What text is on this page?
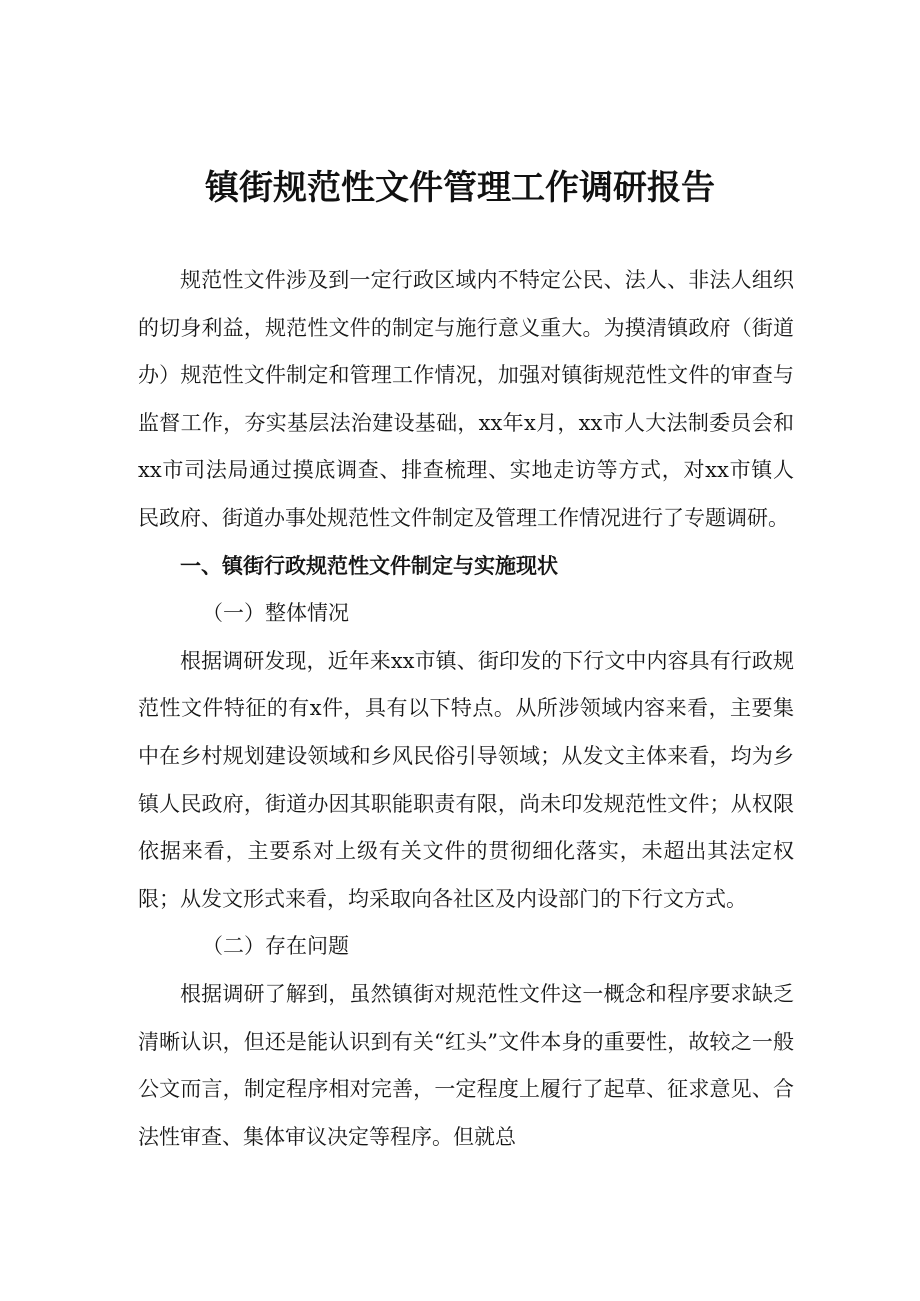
镇街规范性文件管理工作调研报告

规范性文件涉及到一定行政区域内不特定公民、法人、非法人组织的切身利益，规范性文件的制定与施行意义重大。为摸清镇政府（街道办）规范性文件制定和管理工作情况，加强对镇街规范性文件的审查与监督工作，夯实基层法治建设基础，xx年x月，xx市人大法制委员会和xx市司法局通过摸底调查、排查梳理、实地走访等方式，对xx市镇人民政府、街道办事处规范性文件制定及管理工作情况进行了专题调研。

一、镇街行政规范性文件制定与实施现状

（一）整体情况

根据调研发现，近年来xx市镇、街印发的下行文中内容具有行政规范性文件特征的有x件，具有以下特点。从所涉领域内容来看，主要集中在乡村规划建设领域和乡风民俗引导领域；从发文主体来看，均为乡镇人民政府，街道办因其职能职责有限，尚未印发规范性文件；从权限依据来看，主要系对上级有关文件的贯彻细化落实，未超出其法定权限；从发文形式来看，均采取向各社区及内设部门的下行文方式。

（二）存在问题

根据调研了解到，虽然镇街对规范性文件这一概念和程序要求缺乏清晰认识，但还是能认识到有关“红头”文件本身的重要性，故较之一般公文而言，制定程序相对完善，一定程度上履行了起草、征求意见、合法性审查、集体审议决定等程序。但就总
